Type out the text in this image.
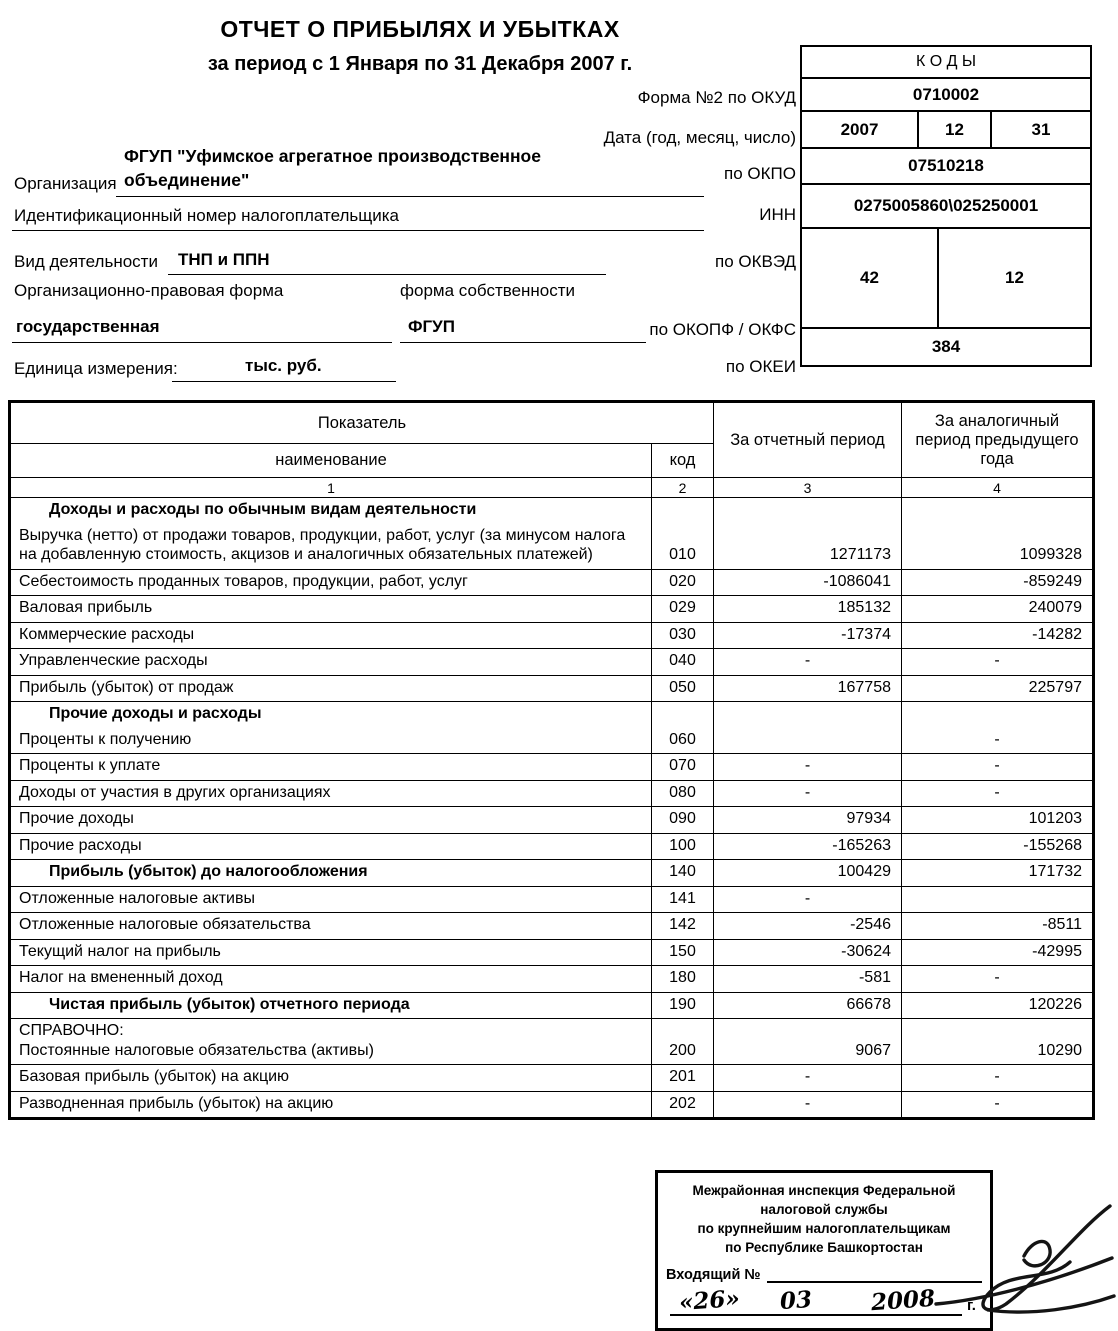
ОТЧЕТ О ПРИБЫЛЯХ И УБЫТКАХ
за период с 1 Января по 31 Декабря 2007 г.
Форма №2 по ОКУД
Дата (год, месяц, число)
ФГУП "Уфимское агрегатное производственное
объединение"
Организация
по ОКПО
Идентификационный номер налогоплательщика	ИНН
Вид деятельности ТНП и ППН	по ОКВЭД
Организационно-правовая форма	форма собственности
государственная	ФГУП	по ОКОПФ / ОКФС
Единица измерения:	тыс. руб.	по ОКЕИ
К О Д Ы
0710002
2007	12	31
07510218
0275005860\025250001
42	12
384
Показатель		За отчетный период	За аналогичный период предыдущего года
наименование	код		
1	2	3	4
Доходы и расходы по обычным видам деятельности			
Выручка (нетто) от продажи товаров, продукции, работ, услуг (за минусом налога на добавленную стоимость, акцизов и аналогичных обязательных платежей)	010	1271173	1099328
Себестоимость проданных товаров, продукции, работ, услуг	020	-1086041	-859249
Валовая прибыль	029	185132	240079
Коммерческие расходы	030	-17374	-14282
Управленческие расходы	040	-	-
Прибыль (убыток) от продаж	050	167758	225797
Прочие доходы и расходы			
Проценты к получению	060		-
Проценты к уплате	070	-	-
Доходы от участия в других организациях	080	-	-
Прочие доходы	090	97934	101203
Прочие расходы	100	-165263	-155268
Прибыль (убыток) до налогообложения	140	100429	171732
Отложенные налоговые активы	141	-	
Отложенные налоговые обязательства	142	-2546	-8511
Текущий налог на прибыль	150	-30624	-42995
Налог на вмененный доход	180	-581	-
Чистая прибыль (убыток) отчетного периода	190	66678	120226

СПРАВОЧНО:
Постоянные налоговые обязательства (активы)	200	9067	10290
Базовая прибыль (убыток) на акцию	201	-	-
Разводненная прибыль (убыток) на акцию	202	-	-
Межрайонная инспекция Федеральной
налоговой службы
по крупнейшим налогоплательщикам
по Республике Башкортостан
Входящий №
«26»	03	2008	г.
